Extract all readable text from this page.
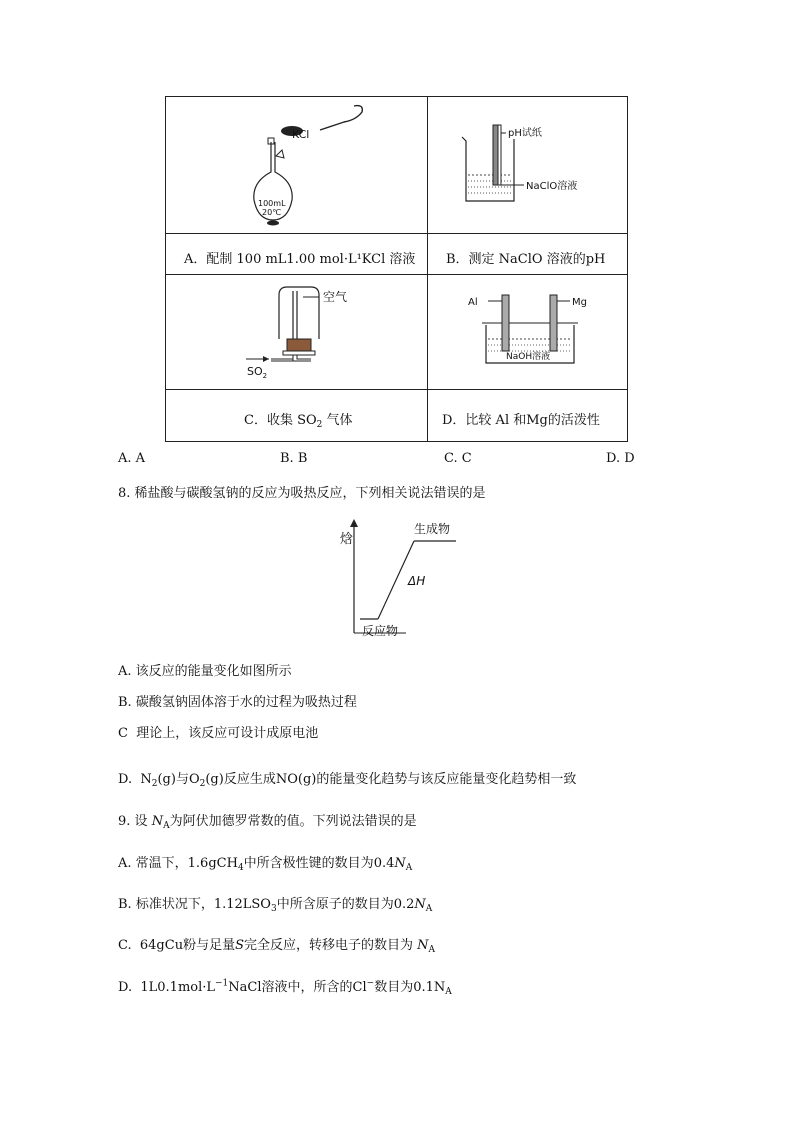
KCl
100mL
20℃
A．配制 100 mL1.00 mol·L¹KCl 溶液
pH试纸
NaClO溶液
B．测定 NaClO 溶液的pH
空气
$SO_2$
C．收集 $SO_2$ 气体
Al	Mg
NaOH溶液
D．比较 Al 和Mg的活泼性
A. A	B. B	C. C	D. D
8. 稀盐酸与碳酸氢钠的反应为吸热反应，下列相关说法错误的是
焓
生成物
反应物
ΔH
A. 该反应的能量变化如图所示
B. 碳酸氢钠固体溶于水的过程为吸热过程
C 理论上，该反应可设计成原电池
D. $N_2(g)$与$O_2(g)$反应生成NO(g)的能量变化趋势与该反应能量变化趋势相一致
9. 设 $N_A$为阿伏加德罗常数的值。下列说法错误的是
A. 常温下，1.6gCH$_4$中所含极性键的数目为$0.4N_A$
B. 标准状况下，$1.12LSO_3$中所含原子的数目为$0.2N_A$
C. 64gCu粉与足量S完全反应，转移电子的数目为 $N_A$
D. $1L0.1mol\cdot L^{-1}NaCl$溶液中，所含的Cl−数目为$0.1N_A$
